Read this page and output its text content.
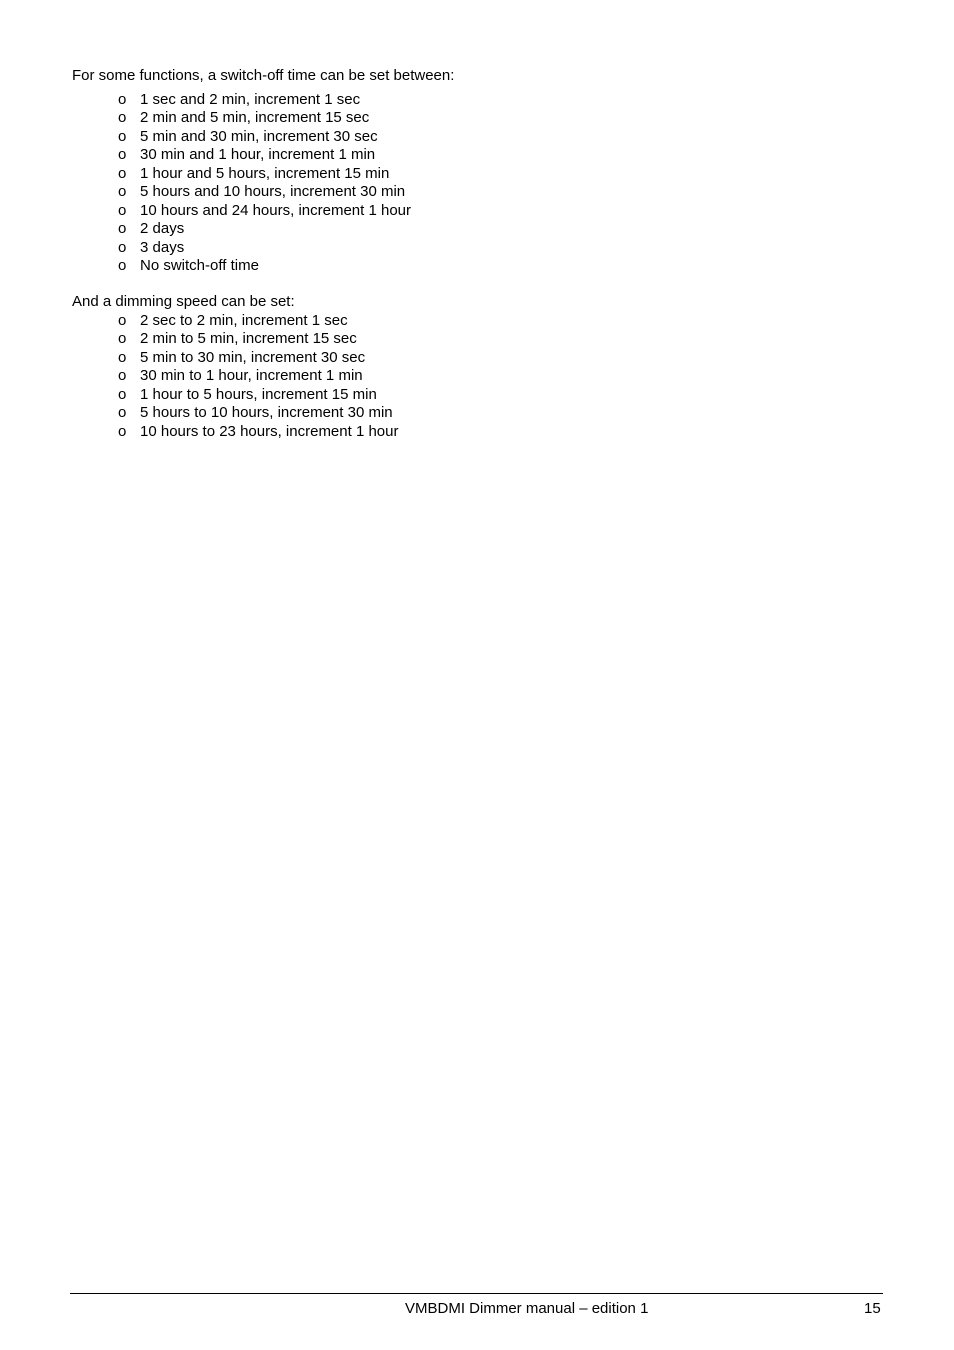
For some functions, a switch-off time can be set between:

o 1 sec and 2 min, increment 1 sec
o 2 min and 5 min, increment 15 sec
o 5 min and 30 min, increment 30 sec
o 30 min and 1 hour, increment 1 min
o 1 hour and 5 hours, increment 15 min
o 5 hours and 10 hours, increment 30 min
o 10 hours and 24 hours, increment 1 hour
o 2 days
o 3 days
o No switch-off time

And a dimming speed can be set:

o 2 sec to 2 min, increment 1 sec
o 2 min to 5 min, increment 15 sec
o 5 min to 30 min, increment 30 sec
o 30 min to 1 hour, increment 1 min
o 1 hour to 5 hours, increment 15 min
o 5 hours to 10 hours, increment 30 min
o 10 hours to 23 hours, increment 1 hour
VMBDMI Dimmer manual – edition 1	15
